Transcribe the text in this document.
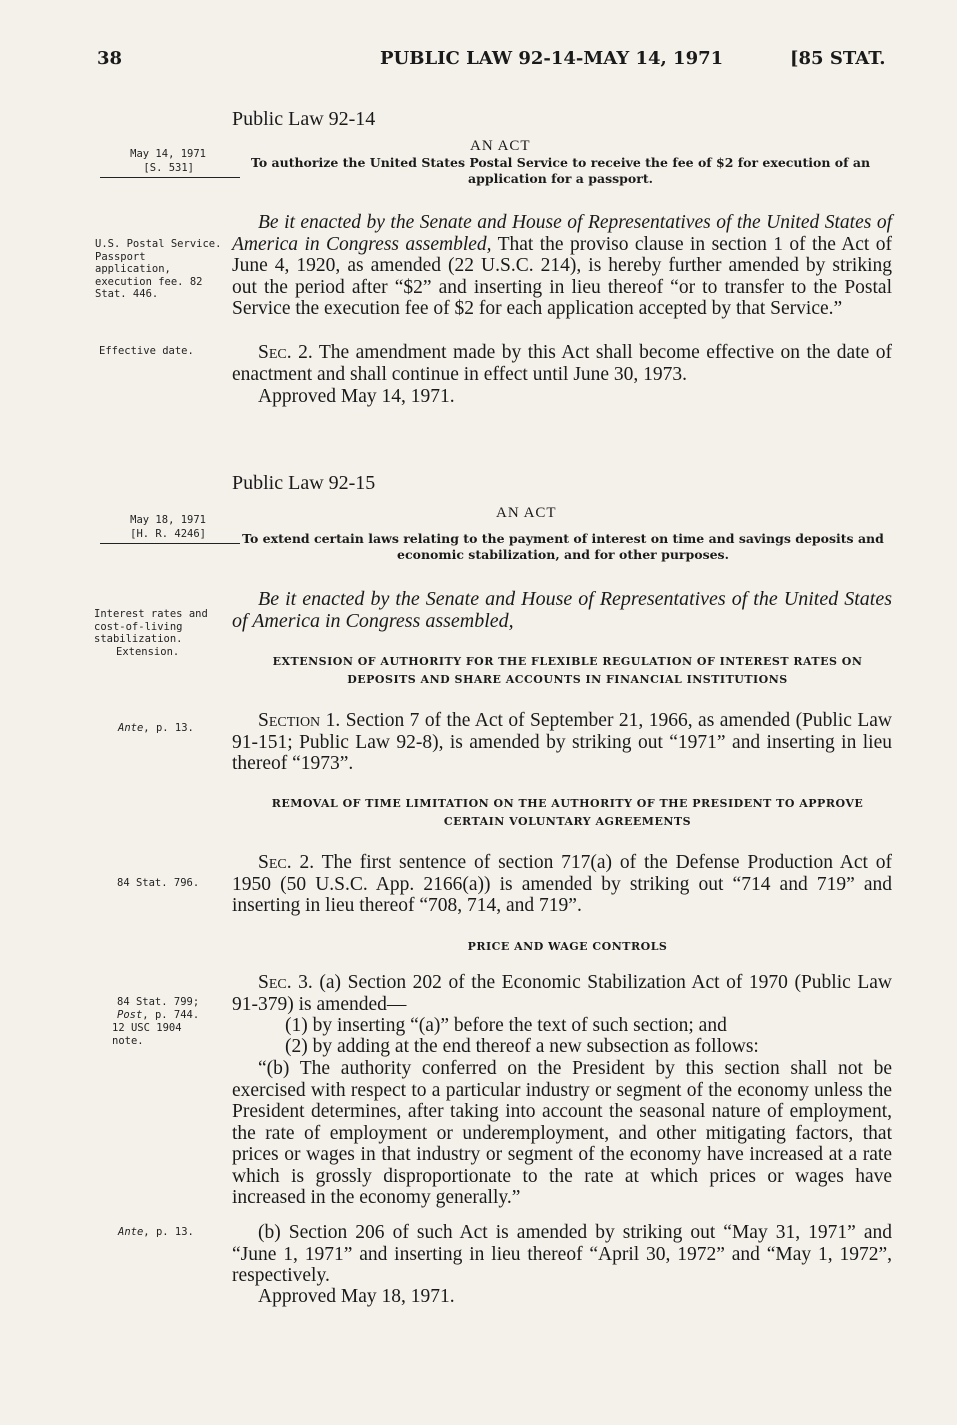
38	PUBLIC LAW 92-14-MAY 14, 1971	[85 STAT.
Public Law 92-14
AN ACT
May 14, 1971
[S. 531]	To authorize the United States Postal Service to receive the fee of $2 for execution of an application for a passport.
U.S. Postal Service. Passport application, execution fee. 82 Stat. 446.
Effective date.
Be it enacted by the Senate and House of Representatives of the United States of America in Congress assembled, That the proviso clause in section 1 of the Act of June 4, 1920, as amended (22 U.S.C. 214), is hereby further amended by striking out the period after “$2” and inserting in lieu thereof “or to transfer to the Postal Service the execution fee of $2 for each application accepted by that Service.”
Sec. 2. The amendment made by this Act shall become effective on the date of enactment and shall continue in effect until June 30, 1973.
Approved May 14, 1971.
Public Law 92-15
AN ACT
May 18, 1971
[H. R. 4246]	To extend certain laws relating to the payment of interest on time and savings deposits and economic stabilization, and for other purposes.
Be it enacted by the Senate and House of Representatives of the United States of America in Congress assembled,
Interest rates and cost-of-living stabilization.
Extension.
EXTENSION OF AUTHORITY FOR THE FLEXIBLE REGULATION OF INTEREST RATES ON DEPOSITS AND SHARE ACCOUNTS IN FINANCIAL INSTITUTIONS
Ante, p. 13.	Section 1. Section 7 of the Act of September 21, 1966, as amended (Public Law 91-151; Public Law 92-8), is amended by striking out “1971” and inserting in lieu thereof “1973”.
REMOVAL OF TIME LIMITATION ON THE AUTHORITY OF THE PRESIDENT TO APPROVE CERTAIN VOLUNTARY AGREEMENTS
84 Stat. 796.
Sec. 2. The first sentence of section 717(a) of the Defense Production Act of 1950 (50 U.S.C. App. 2166(a)) is amended by striking out “714 and 719” and inserting in lieu thereof “708, 714, and 719”.
PRICE AND WAGE CONTROLS
84 Stat. 799;
Post, p. 744.
12 USC 1904 note.
Sec. 3. (a) Section 202 of the Economic Stabilization Act of 1970 (Public Law 91-379) is amended—
(1) by inserting “(a)” before the text of such section; and
(2) by adding at the end thereof a new subsection as follows:
“(b) The authority conferred on the President by this section shall not be exercised with respect to a particular industry or segment of the economy unless the President determines, after taking into account the seasonal nature of employment, the rate of employment or underemployment, and other mitigating factors, that prices or wages in that industry or segment of the economy have increased at a rate which is grossly disproportionate to the rate at which prices or wages have increased in the economy generally.”
Ante, p. 13.	(b) Section 206 of such Act is amended by striking out “May 31, 1971” and “June 1, 1971” and inserting in lieu thereof “April 30, 1972” and “May 1, 1972”, respectively.
Approved May 18, 1971.
